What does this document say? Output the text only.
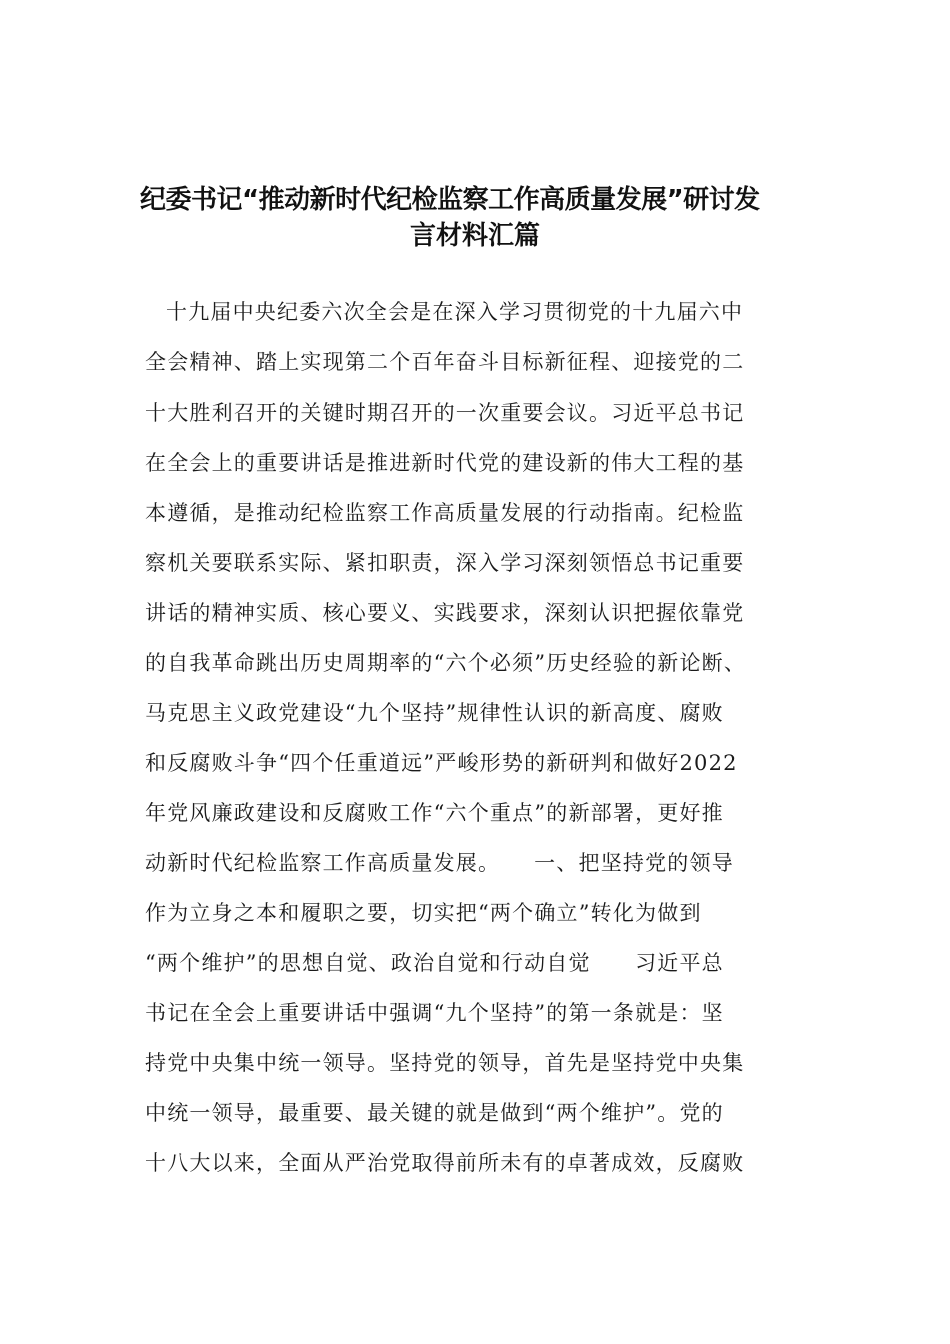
纪委书记“推动新时代纪检监察工作高质量发展”研讨发
言材料汇篇

十九届中央纪委六次全会是在深入学习贯彻党的十九届六中

全会精神、踏上实现第二个百年奋斗目标新征程、迎接党的二

十大胜利召开的关键时期召开的一次重要会议。习近平总书记

在全会上的重要讲话是推进新时代党的建设新的伟大工程的基

本遵循，是推动纪检监察工作高质量发展的行动指南。纪检监

察机关要联系实际、紧扣职责，深入学习深刻领悟总书记重要

讲话的精神实质、核心要义、实践要求，深刻认识把握依靠党

的自我革命跳出历史周期率的“六个必须”历史经验的新论断、

马克思主义政党建设“九个坚持”规律性认识的新高度、腐败

和反腐败斗争“四个任重道远”严峻形势的新研判和做好2022

年党风廉政建设和反腐败工作“六个重点”的新部署，更好推

动新时代纪检监察工作高质量发展。　　一、把坚持党的领导

作为立身之本和履职之要，切实把“两个确立”转化为做到

“两个维护”的思想自觉、政治自觉和行动自觉　　习近平总

书记在全会上重要讲话中强调“九个坚持”的第一条就是：坚

持党中央集中统一领导。坚持党的领导，首先是坚持党中央集

中统一领导，最重要、最关键的就是做到“两个维护”。党的

十八大以来，全面从严治党取得前所未有的卓著成效，反腐败
